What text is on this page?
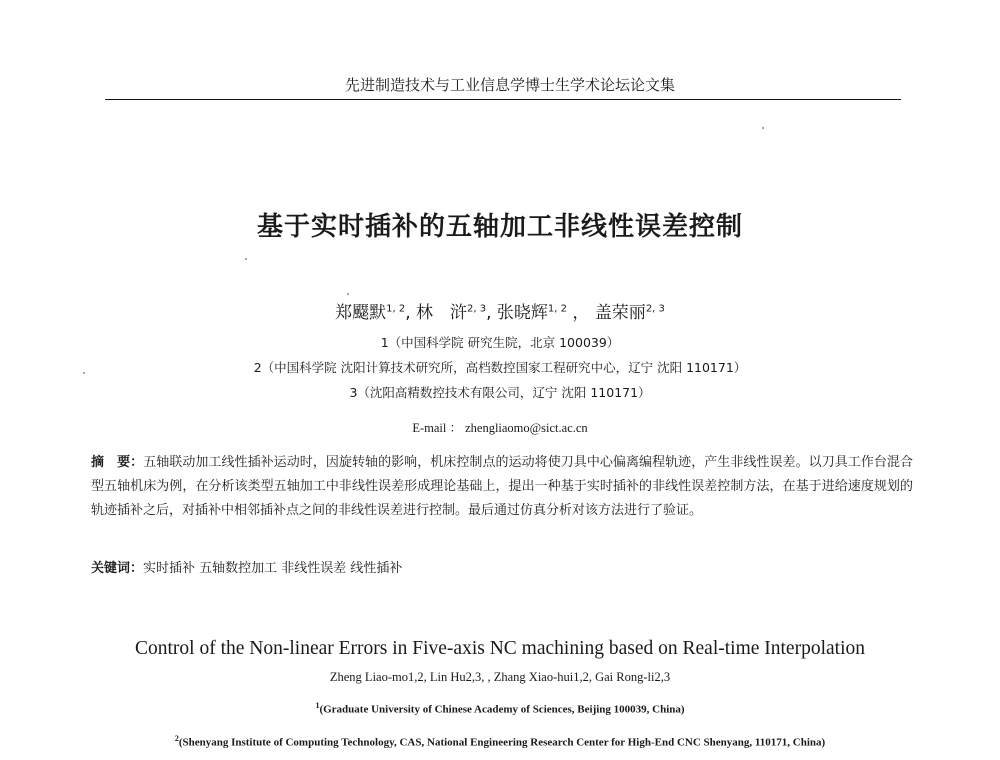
先进制造技术与工业信息学博士生学术论坛论文集
基于实时插补的五轴加工非线性误差控制
郑飋默$^{1, 2}$, 林　浒$^{2, 3}$, 张晓辉$^{1, 2}$ ， 盖荣丽$^{2, 3}$
1（中国科学院 研究生院，北京 100039）
2（中国科学院 沈阳计算技术研究所，高档数控国家工程研究中心，辽宁 沈阳 110171）
3（沈阳高精数控技术有限公司，辽宁 沈阳 110171）
E-mail ： zhengliaomo@sict.ac.cn
摘　要：五轴联动加工线性插补运动时，因旋转轴的影响，机床控制点的运动将使刀具中心偏离编程轨迹，产生非线性误差。以刀具工作台混合型五轴机床为例，在分析该类型五轴加工中非线性误差形成理论基础上，提出一种基于实时插补的非线性误差控制方法，在基于进给速度规划的轨迹插补之后，对插补中相邻插补点之间的非线性误差进行控制。最后通过仿真分析对该方法进行了验证。
关键词：实时插补 五轴数控加工 非线性误差 线性插补
Control of the Non-linear Errors in Five-axis NC machining based on Real-time Interpolation
Zheng Liao-mo1,2, Lin Hu2,3, , Zhang Xiao-hui1,2, Gai Rong-li2,3
$^1$(Graduate University of Chinese Academy of Sciences, Beijing 100039, China)
$^2$(Shenyang Institute of Computing Technology, CAS, National Engineering Research Center for High-End CNC Shenyang, 110171, China)
